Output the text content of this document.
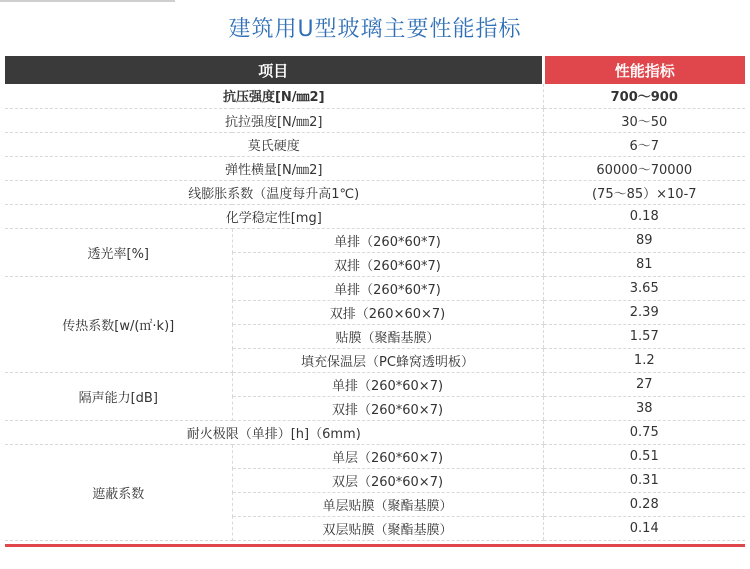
建筑用U型玻璃主要性能指标
项目		性能指标
抗压强度[N/㎜2]		700～900
抗拉强度[N/㎜2]		30～50
莫氏硬度		6～7
弹性横量[N/㎜2]		60000～70000
线膨胀系数（温度每升高1℃)		(75～85）×10-7
化学稳定性[mg]		0.18
透光率[%]	单排（260*60*7)	89
	双排（260*60*7)	81
传热系数[w/(㎡·k)]	单排（260*60*7)	3.65
	双排（260×60×7)	2.39
	贴膜（聚酯基膜）	1.57
	填充保温层（PC蜂窝透明板）	1.2
隔声能力[dB]	单排（260*60×7)	27
	双排（260*60×7)	38
耐火极限（单排）[h]（6mm)		0.75
遮蔽系数	单层（260*60×7)	0.51
	双层（260*60×7)	0.31
	单层贴膜（聚酯基膜）	0.28
	双层贴膜（聚酯基膜）	0.14
